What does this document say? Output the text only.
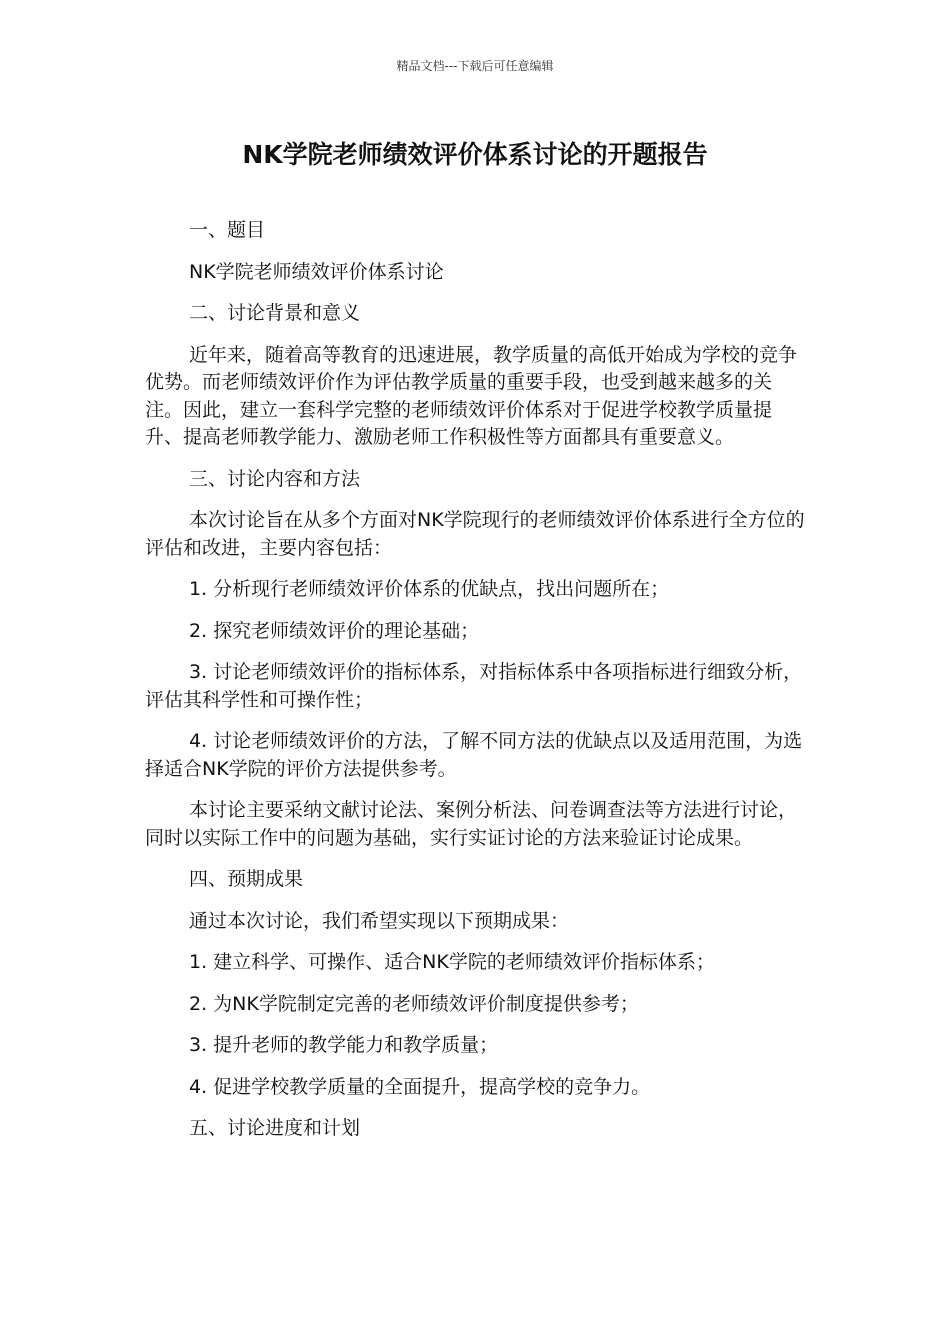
精品文档---下载后可任意编辑
NK学院老师绩效评价体系讨论的开题报告

一、题目

NK学院老师绩效评价体系讨论

二、讨论背景和意义

近年来，随着高等教育的迅速进展，教学质量的高低开始成为学校的竞争优势。而老师绩效评价作为评估教学质量的重要手段，也受到越来越多的关注。因此，建立一套科学完整的老师绩效评价体系对于促进学校教学质量提升、提高老师教学能力、激励老师工作积极性等方面都具有重要意义。

三、讨论内容和方法

本次讨论旨在从多个方面对NK学院现行的老师绩效评价体系进行全方位的评估和改进，主要内容包括：

1. 分析现行老师绩效评价体系的优缺点，找出问题所在；

2. 探究老师绩效评价的理论基础；

3. 讨论老师绩效评价的指标体系，对指标体系中各项指标进行细致分析，评估其科学性和可操作性；

4. 讨论老师绩效评价的方法，了解不同方法的优缺点以及适用范围，为选择适合NK学院的评价方法提供参考。

本讨论主要采纳文献讨论法、案例分析法、问卷调查法等方法进行讨论，同时以实际工作中的问题为基础，实行实证讨论的方法来验证讨论成果。

四、预期成果

通过本次讨论，我们希望实现以下预期成果：

1. 建立科学、可操作、适合NK学院的老师绩效评价指标体系；

2. 为NK学院制定完善的老师绩效评价制度提供参考；

3. 提升老师的教学能力和教学质量；

4. 促进学校教学质量的全面提升，提高学校的竞争力。

五、讨论进度和计划
